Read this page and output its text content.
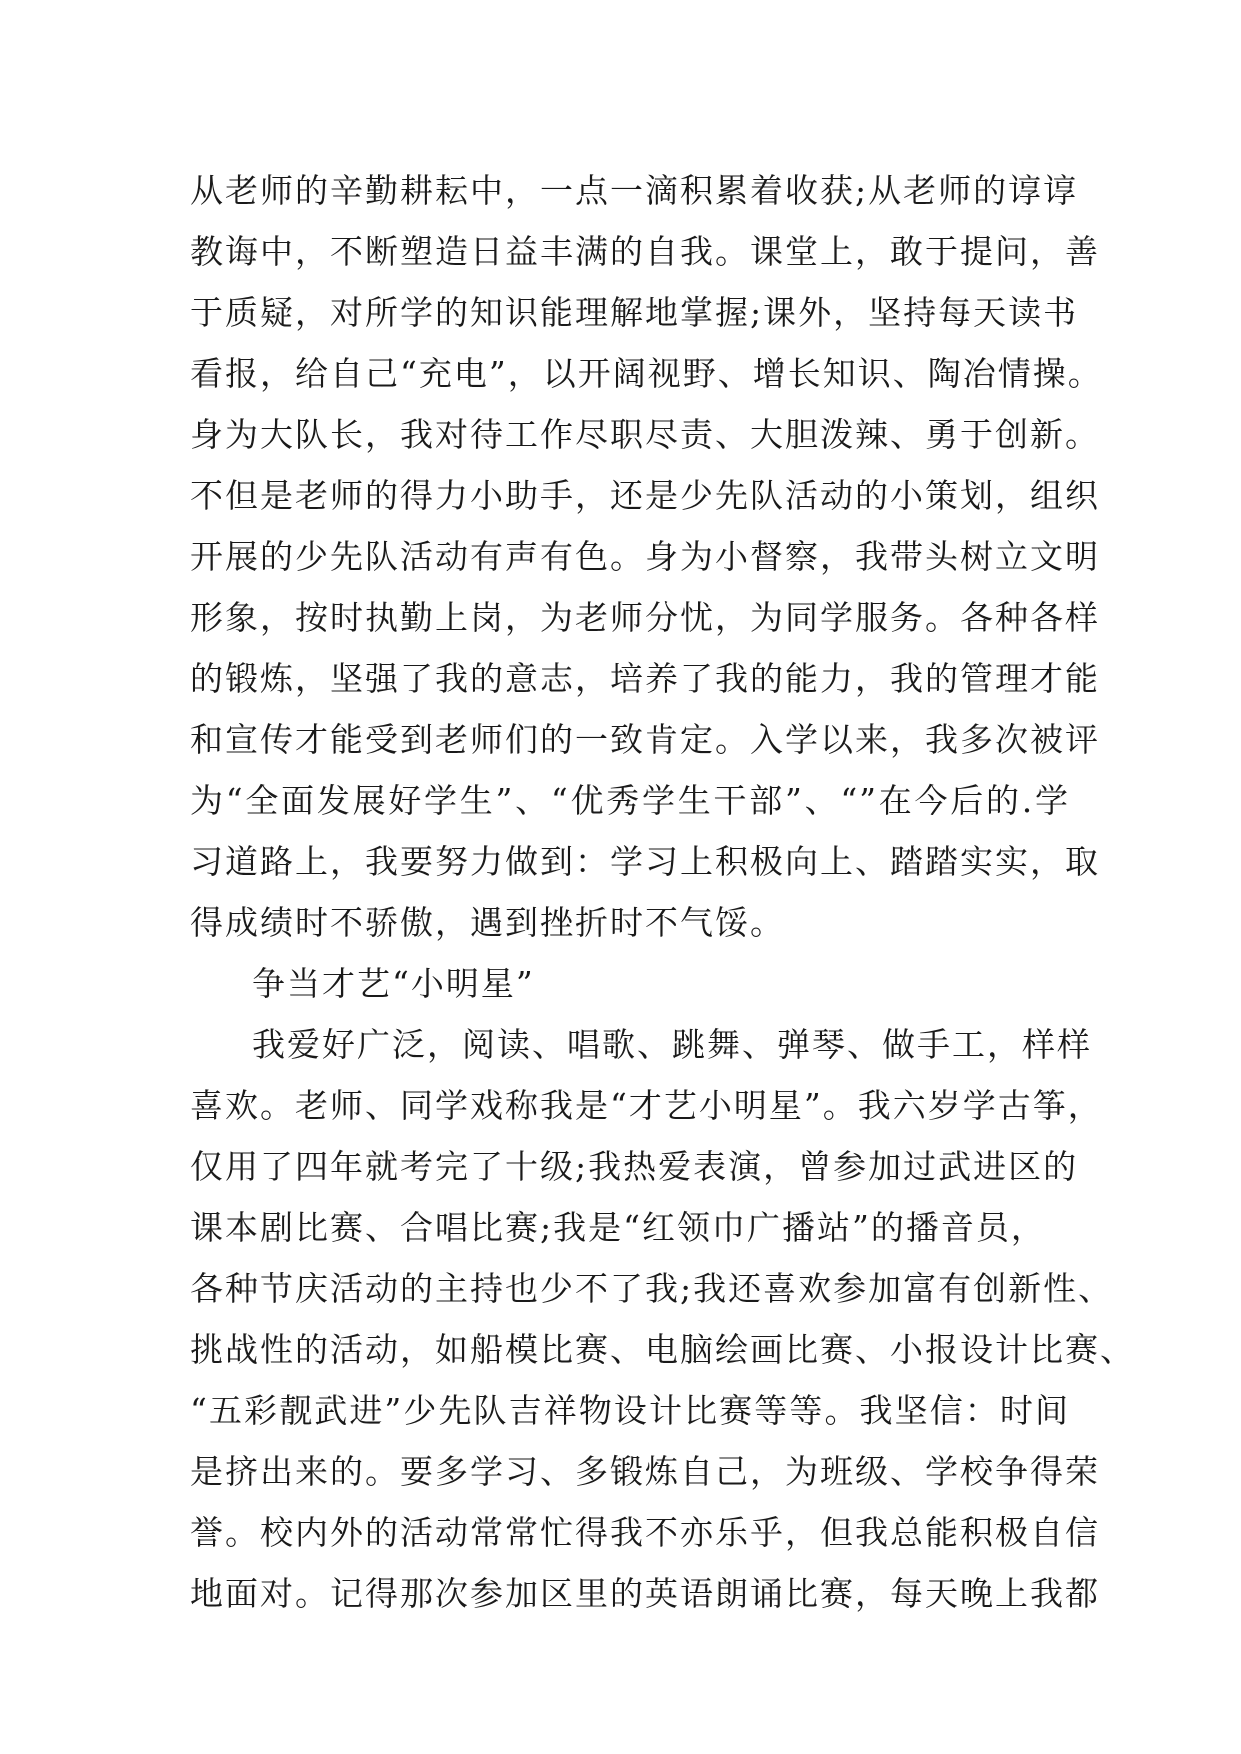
从老师的辛勤耕耘中，一点一滴积累着收获;从老师的谆谆
教诲中，不断塑造日益丰满的自我。课堂上，敢于提问，善
于质疑，对所学的知识能理解地掌握;课外，坚持每天读书
看报，给自己“充电”，以开阔视野、增长知识、陶冶情操。
身为大队长，我对待工作尽职尽责、大胆泼辣、勇于创新。
不但是老师的得力小助手，还是少先队活动的小策划，组织
开展的少先队活动有声有色。身为小督察，我带头树立文明
形象，按时执勤上岗，为老师分忧，为同学服务。各种各样
的锻炼，坚强了我的意志，培养了我的能力，我的管理才能
和宣传才能受到老师们的一致肯定。入学以来，我多次被评
为“全面发展好学生”、“优秀学生干部”、“”在今后的.学
习道路上，我要努力做到：学习上积极向上、踏踏实实，取
得成绩时不骄傲，遇到挫折时不气馁。
争当才艺“小明星”
我爱好广泛，阅读、唱歌、跳舞、弹琴、做手工，样样
喜欢。老师、同学戏称我是“才艺小明星”。我六岁学古筝，
仅用了四年就考完了十级;我热爱表演，曾参加过武进区的
课本剧比赛、合唱比赛;我是“红领巾广播站”的播音员，
各种节庆活动的主持也少不了我;我还喜欢参加富有创新性、
挑战性的活动，如船模比赛、电脑绘画比赛、小报设计比赛、
“五彩靓武进”少先队吉祥物设计比赛等等。我坚信：时间
是挤出来的。要多学习、多锻炼自己，为班级、学校争得荣
誉。校内外的活动常常忙得我不亦乐乎，但我总能积极自信
地面对。记得那次参加区里的英语朗诵比赛，每天晚上我都
